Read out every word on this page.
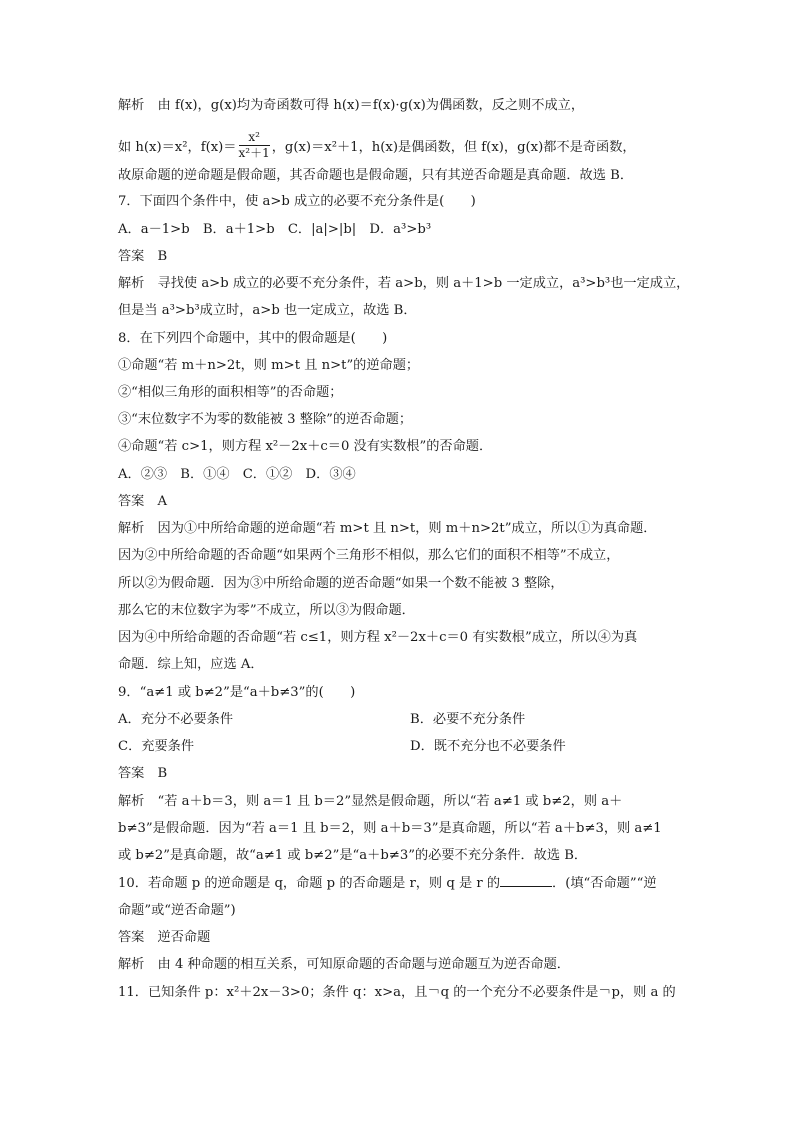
解析　由 f(x)，g(x)均为奇函数可得 h(x)＝f(x)·g(x)为偶函数，反之则不成立，
如 h(x)＝x²，$f(x)= \frac{\text{x²}}{\text{x²＋1}}$ ，g(x)＝x²＋1，h(x)是偶函数，但 f(x)，g(x)都不是奇函数，
故原命题的逆命题是假命题，其否命题也是假命题，只有其逆否命题是真命题．故选 B．
7．下面四个条件中，使 a>b 成立的必要不充分条件是(　　)
A．a－1>b　B．a＋1>b　C．|a|>|b|　D．a³>b³
答案　B
解析　寻找使 a>b 成立的必要不充分条件，若 a>b，则 a＋1>b 一定成立，a³>b³也一定成立，
但是当 a³>b³成立时，a>b 也一定成立，故选 B．
8．在下列四个命题中，其中的假命题是(　　)
①命题“若 m＋n>2t，则 m>t 且 n>t”的逆命题；
②“相似三角形的面积相等”的否命题；
③“末位数字不为零的数能被 3 整除”的逆否命题；
④命题“若 c>1，则方程 x²－2x＋c＝0 没有实数根”的否命题．
A．②③　B．①④　C．①②　D．③④
答案　A
解析　因为①中所给命题的逆命题“若 m>t 且 n>t，则 m＋n>2t”成立，所以①为真命题．
因为②中所给命题的否命题“如果两个三角形不相似，那么它们的面积不相等”不成立，
所以②为假命题．因为③中所给命题的逆否命题“如果一个数不能被 3 整除，
那么它的末位数字为零”不成立，所以③为假命题．
因为④中所给命题的否命题“若 c≤1，则方程 x²－2x＋c＝0 有实数根”成立，所以④为真
命题．综上知，应选 A．
9．“a≠1 或 b≠2”是“a＋b≠3”的(　　)
A．充分不必要条件	B．必要不充分条件
C．充要条件	D．既不充分也不必要条件
答案　B
解析　“若 a＋b＝3，则 a＝1 且 b＝2”显然是假命题，所以“若 a≠1 或 b≠2，则 a＋
b≠3”是假命题．因为“若 a＝1 且 b＝2，则 a＋b＝3”是真命题，所以“若 a＋b≠3，则 a≠1
或 b≠2”是真命题，故“a≠1 或 b≠2”是“a＋b≠3”的必要不充分条件．故选 B．
10．若命题 p 的逆命题是 q，命题 p 的否命题是 r，则 q 是 r 的	．(填“否命题”“逆
命题”或“逆否命题”)
答案　逆否命题
解析　由 4 种命题的相互关系，可知原命题的否命题与逆命题互为逆否命题．
11．已知条件 p：x²＋2x－3>0；条件 q：x>a，且￢q 的一个充分不必要条件是￢p，则 a 的
